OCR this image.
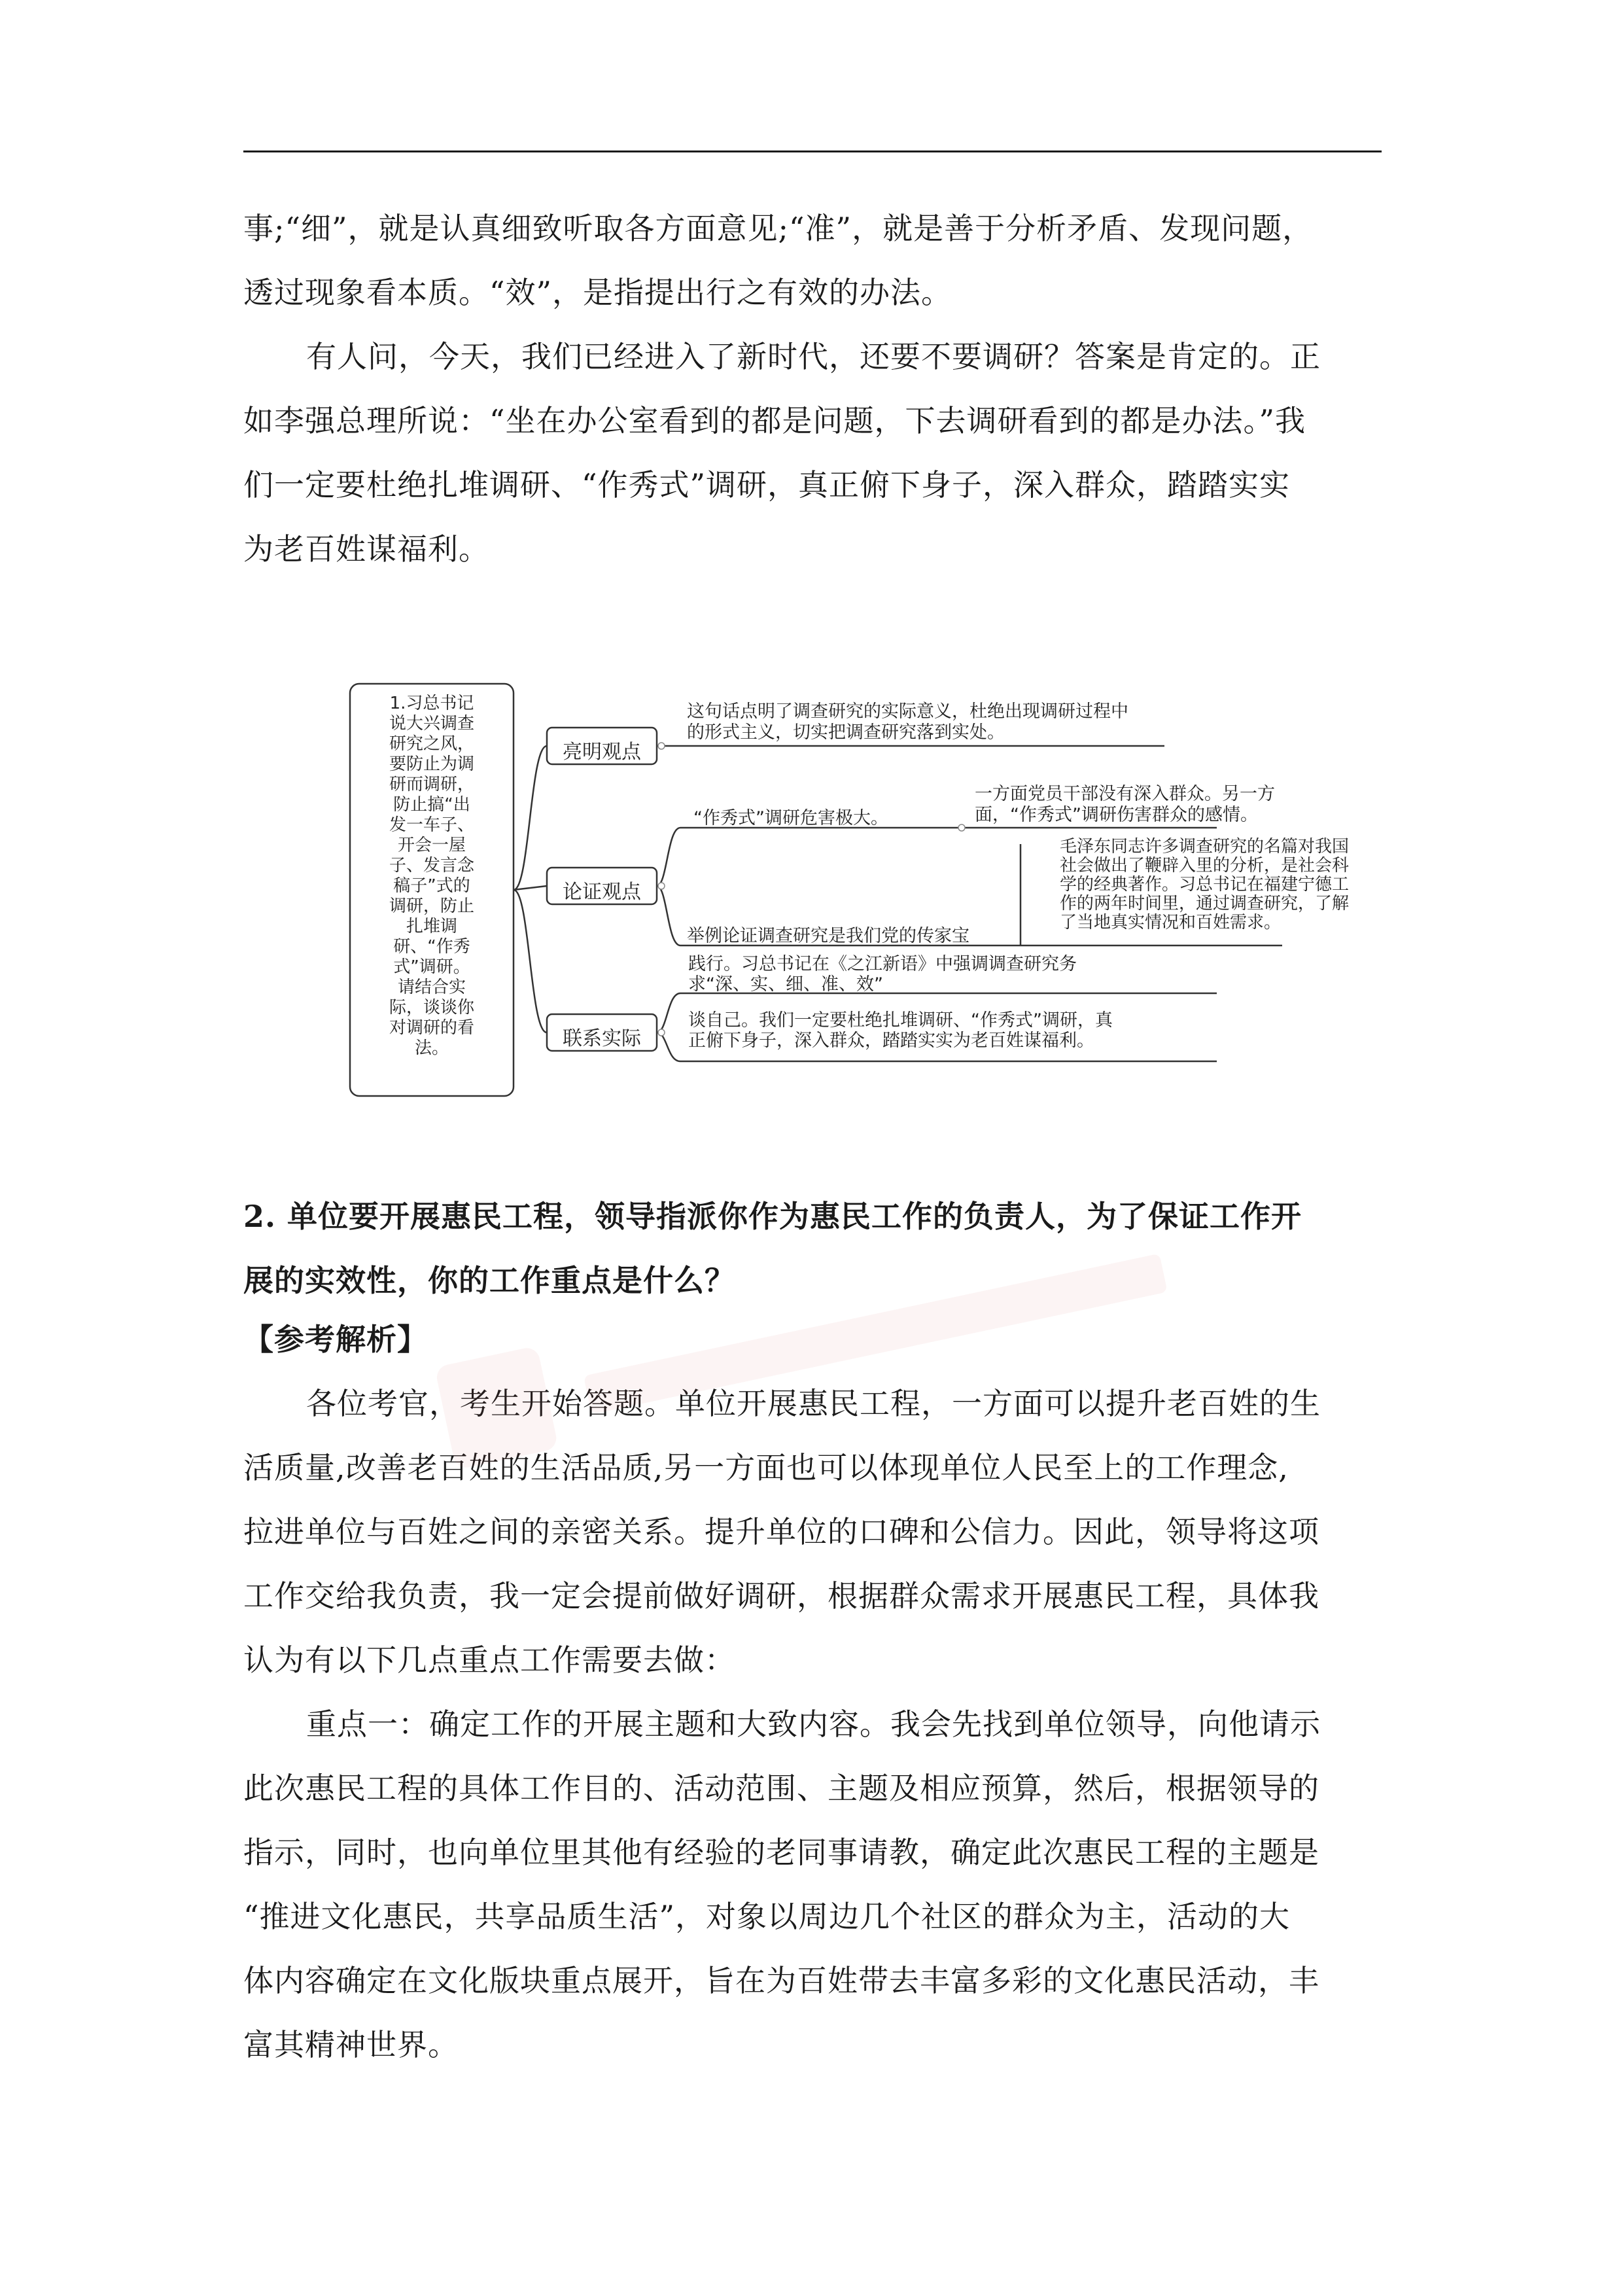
事;“细”，就是认真细致听取各方面意见;“准”，就是善于分析矛盾、发现问题，
透过现象看本质。“效”，是指提出行之有效的办法。
有人问，今天，我们已经进入了新时代，还要不要调研？答案是肯定的。正
如李强总理所说：“坐在办公室看到的都是问题，下去调研看到的都是办法。”我
们一定要杜绝扎堆调研、“作秀式”调研，真正俯下身子，深入群众，踏踏实实
为老百姓谋福利。
1.习总书记
说大兴调查
研究之风，
要防止为调
研而调研，
防止搞“出
发一车子、
开会一屋
子、发言念
稿子”式的
调研，防止
扎堆调
研、“作秀
式”调研。
请结合实
际，谈谈你
对调研的看
法。
亮明观点
论证观点
联系实际
这句话点明了调查研究的实际意义，杜绝出现调研过程中
的形式主义，切实把调查研究落到实处。
“作秀式”调研危害极大。
一方面党员干部没有深入群众。另一方
面，“作秀式”调研伤害群众的感情。
举例论证调查研究是我们党的传家宝
毛泽东同志许多调查研究的名篇对我国
社会做出了鞭辟入里的分析，是社会科
学的经典著作。习总书记在福建宁德工
作的两年时间里，通过调查研究，了解
了当地真实情况和百姓需求。
践行。习总书记在《之江新语》中强调调查研究务
求“深、实、细、准、效”
谈自己。我们一定要杜绝扎堆调研、“作秀式”调研，真
正俯下身子，深入群众，踏踏实实为老百姓谋福利。
2. 单位要开展惠民工程，领导指派你作为惠民工作的负责人，为了保证工作开
展的实效性，你的工作重点是什么？
【参考解析】
各位考官，考生开始答题。单位开展惠民工程，一方面可以提升老百姓的生
活质量,改善老百姓的生活品质,另一方面也可以体现单位人民至上的工作理念,
拉进单位与百姓之间的亲密关系。提升单位的口碑和公信力。因此，领导将这项
工作交给我负责，我一定会提前做好调研，根据群众需求开展惠民工程，具体我
认为有以下几点重点工作需要去做：
重点一：确定工作的开展主题和大致内容。我会先找到单位领导，向他请示
此次惠民工程的具体工作目的、活动范围、主题及相应预算，然后，根据领导的
指示，同时，也向单位里其他有经验的老同事请教，确定此次惠民工程的主题是
“推进文化惠民，共享品质生活”，对象以周边几个社区的群众为主，活动的大
体内容确定在文化版块重点展开，旨在为百姓带去丰富多彩的文化惠民活动，丰
富其精神世界。
